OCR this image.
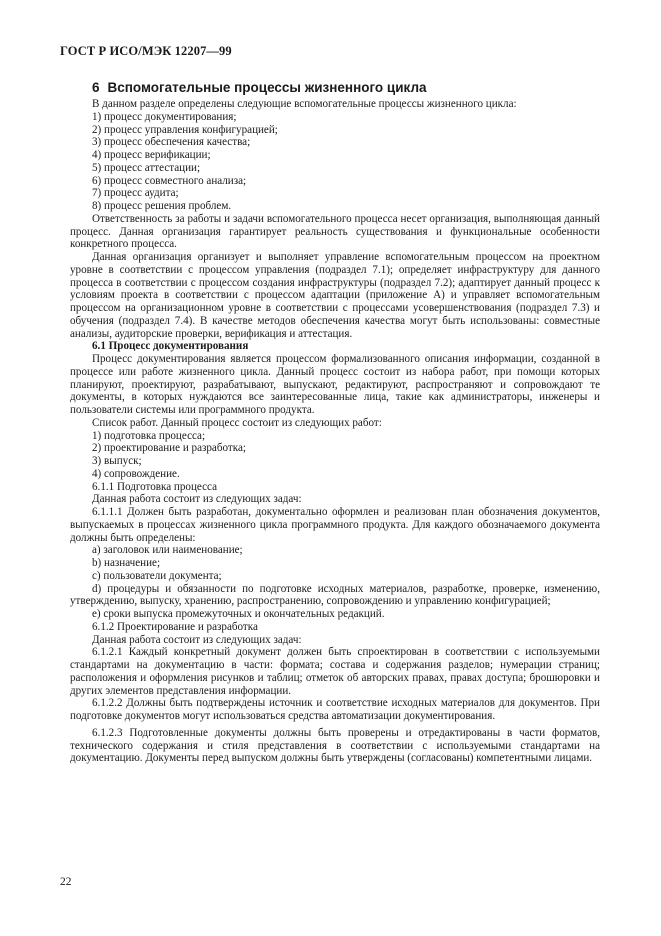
ГОСТ Р ИСО/МЭК 12207—99
6 Вспомогательные процессы жизненного цикла

В данном разделе определены следующие вспомогательные процессы жизненного цикла:

1) процесс документирования;

2) процесс управления конфигурацией;

3) процесс обеспечения качества;

4) процесс верификации;

5) процесс аттестации;

6) процесс совместного анализа;

7) процесс аудита;

8) процесс решения проблем.

Ответственность за работы и задачи вспомогательного процесса несет организация, выполняющая данный процесс. Данная организация гарантирует реальность существования и функциональные особенности конкретного процесса.

Данная организация организует и выполняет управление вспомогательным процессом на проектном уровне в соответствии с процессом управления (подраздел 7.1); определяет инфраструктуру для данного процесса в соответствии с процессом создания инфраструктуры (подраздел 7.2); адаптирует данный процесс к условиям проекта в соответствии с процессом адаптации (приложение А) и управляет вспомогательным процессом на организационном уровне в соответствии с процессами усовершенствования (подраздел 7.3) и обучения (подраздел 7.4). В качестве методов обеспечения качества могут быть использованы: совместные анализы, аудиторские проверки, верификация и аттестация.

6.1 Процесс документирования

Процесс документирования является процессом формализованного описания информации, созданной в процессе или работе жизненного цикла. Данный процесс состоит из набора работ, при помощи которых планируют, проектируют, разрабатывают, выпускают, редактируют, распространяют и сопровождают те документы, в которых нуждаются все заинтересованные лица, такие как администраторы, инженеры и пользователи системы или программного продукта.

Список работ. Данный процесс состоит из следующих работ:

1) подготовка процесса;

2) проектирование и разработка;

3) выпуск;

4) сопровождение.

6.1.1 Подготовка процесса

Данная работа состоит из следующих задач:

6.1.1.1 Должен быть разработан, документально оформлен и реализован план обозначения документов, выпускаемых в процессах жизненного цикла программного продукта. Для каждого обозначаемого документа должны быть определены:

a) заголовок или наименование;

b) назначение;

c) пользователи документа;

d) процедуры и обязанности по подготовке исходных материалов, разработке, проверке, изменению, утверждению, выпуску, хранению, распространению, сопровождению и управлению конфигурацией;

e) сроки выпуска промежуточных и окончательных редакций.

6.1.2 Проектирование и разработка

Данная работа состоит из следующих задач:

6.1.2.1 Каждый конкретный документ должен быть спроектирован в соответствии с используемыми стандартами на документацию в части: формата; состава и содержания разделов; нумерации страниц; расположения и оформления рисунков и таблиц; отметок об авторских правах, правах доступа; брошюровки и других элементов представления информации.

6.1.2.2 Должны быть подтверждены источник и соответствие исходных материалов для документов. При подготовке документов могут использоваться средства автоматизации документирования.

6.1.2.3 Подготовленные документы должны быть проверены и отредактированы в части форматов, технического содержания и стиля представления в соответствии с используемыми стандартами на документацию. Документы перед выпуском должны быть утверждены (согласованы) компетентными лицами.

22
